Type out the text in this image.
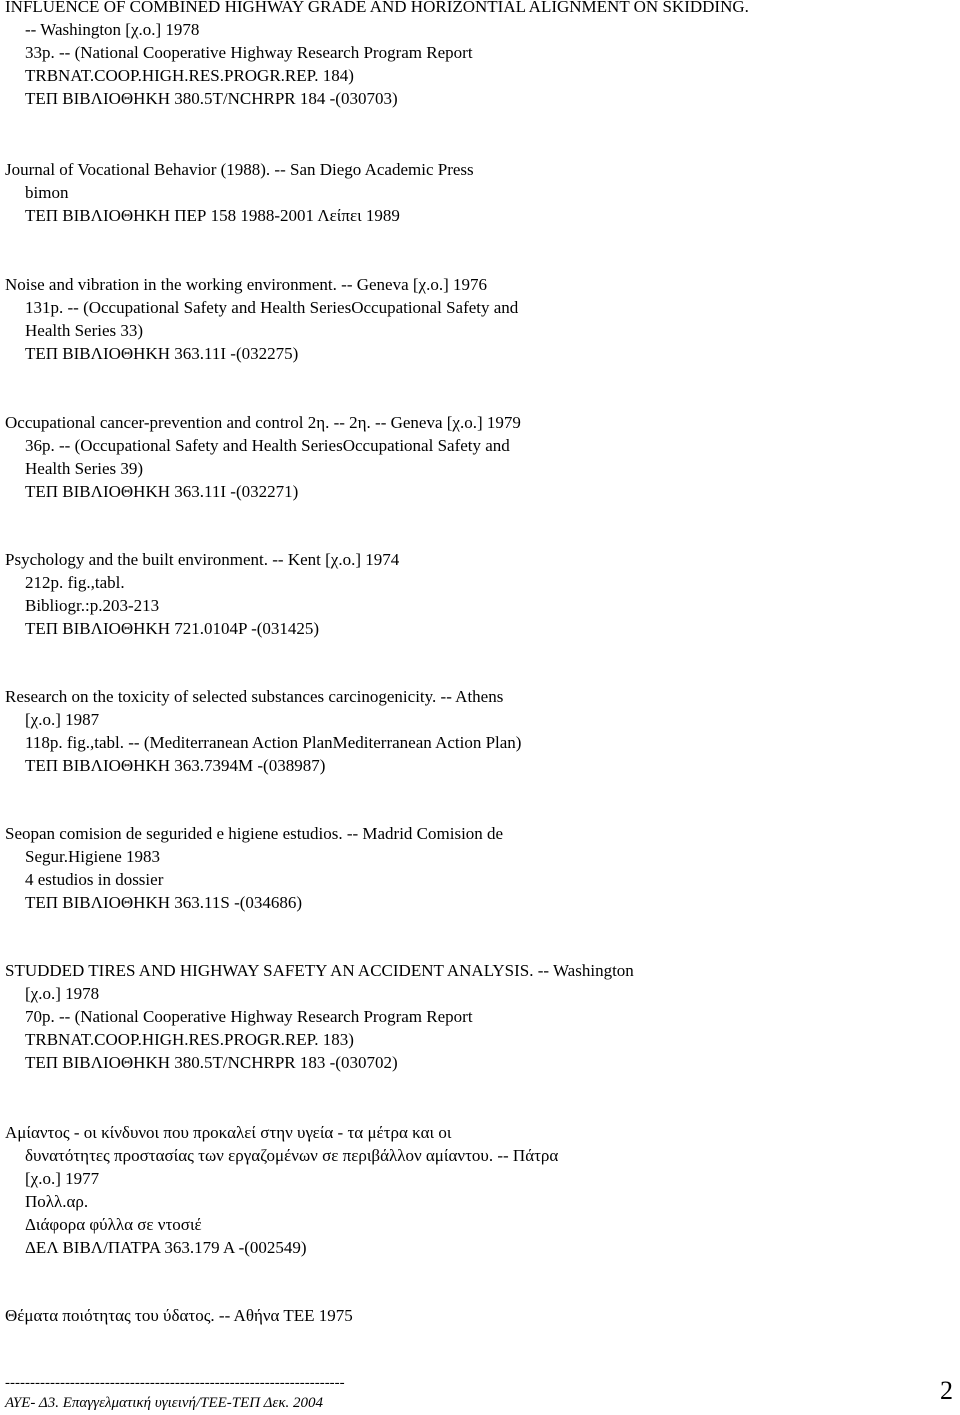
INFLUENCE OF COMBINED HIGHWAY GRADE AND HORIZONTIAL ALIGNMENT ON SKIDDING.
-- Washington [χ.ο.] 1978
33p. -- (National Cooperative Highway Research Program Report
TRBNAT.COOP.HIGH.RES.PROGR.REP. 184)
ΤΕΠ ΒΙΒΛΙΟΘΗΚΗ 380.5T/NCHRPR 184 -(030703)
Journal of Vocational Behavior (1988). -- San Diego Academic Press
bimon
ΤΕΠ ΒΙΒΛΙΟΘΗΚΗ ΠΕΡ 158 1988-2001 Λείπει 1989
Noise and vibration in the working environment. -- Geneva [χ.ο.] 1976
131p. -- (Occupational Safety and Health SeriesOccupational Safety and
Health Series 33)
ΤΕΠ ΒΙΒΛΙΟΘΗΚΗ 363.11I -(032275)
Occupational cancer-prevention and control 2η. -- 2η. -- Geneva [χ.ο.] 1979
36p. -- (Occupational Safety and Health SeriesOccupational Safety and
Health Series 39)
ΤΕΠ ΒΙΒΛΙΟΘΗΚΗ 363.11I -(032271)
Psychology and the built environment. -- Kent [χ.ο.] 1974
212p. fig.,tabl.
Bibliogr.:p.203-213
ΤΕΠ ΒΙΒΛΙΟΘΗΚΗ 721.0104P -(031425)
Research on the toxicity of selected substances carcinogenicity. -- Athens
[χ.ο.] 1987
118p. fig.,tabl. -- (Mediterranean Action PlanMediterranean Action Plan)
ΤΕΠ ΒΙΒΛΙΟΘΗΚΗ 363.7394M -(038987)
Seopan comision de segurided e higiene estudios. -- Madrid Comision de
Segur.Higiene 1983
4 estudios in dossier
ΤΕΠ ΒΙΒΛΙΟΘΗΚΗ 363.11S -(034686)
STUDDED TIRES AND HIGHWAY SAFETY AN ACCIDENT ANALYSIS. -- Washington
[χ.ο.] 1978
70p. -- (National Cooperative Highway Research Program Report
TRBNAT.COOP.HIGH.RES.PROGR.REP. 183)
ΤΕΠ ΒΙΒΛΙΟΘΗΚΗ 380.5T/NCHRPR 183 -(030702)
Αμίαντος - οι κίνδυνοι που προκαλεί στην υγεία - τα μέτρα και οι
δυνατότητες προστασίας των εργαζομένων σε περιβάλλον αμίαντου. -- Πάτρα
[χ.ο.] 1977
Πολλ.αρ.
Διάφορα φύλλα σε ντοσιέ
ΔΕΛ ΒΙΒΛ/ΠΑΤΡΑ 363.179 Α -(002549)
Θέματα ποιότητας του ύδατος. -- Αθήνα ΤΕΕ 1975
--------------------------------------------------------------------
ΑΥΕ- Δ3. Επαγγελματική υγιεινή/ΤΕΕ-ΤΕΠ Δεκ. 2004	2
